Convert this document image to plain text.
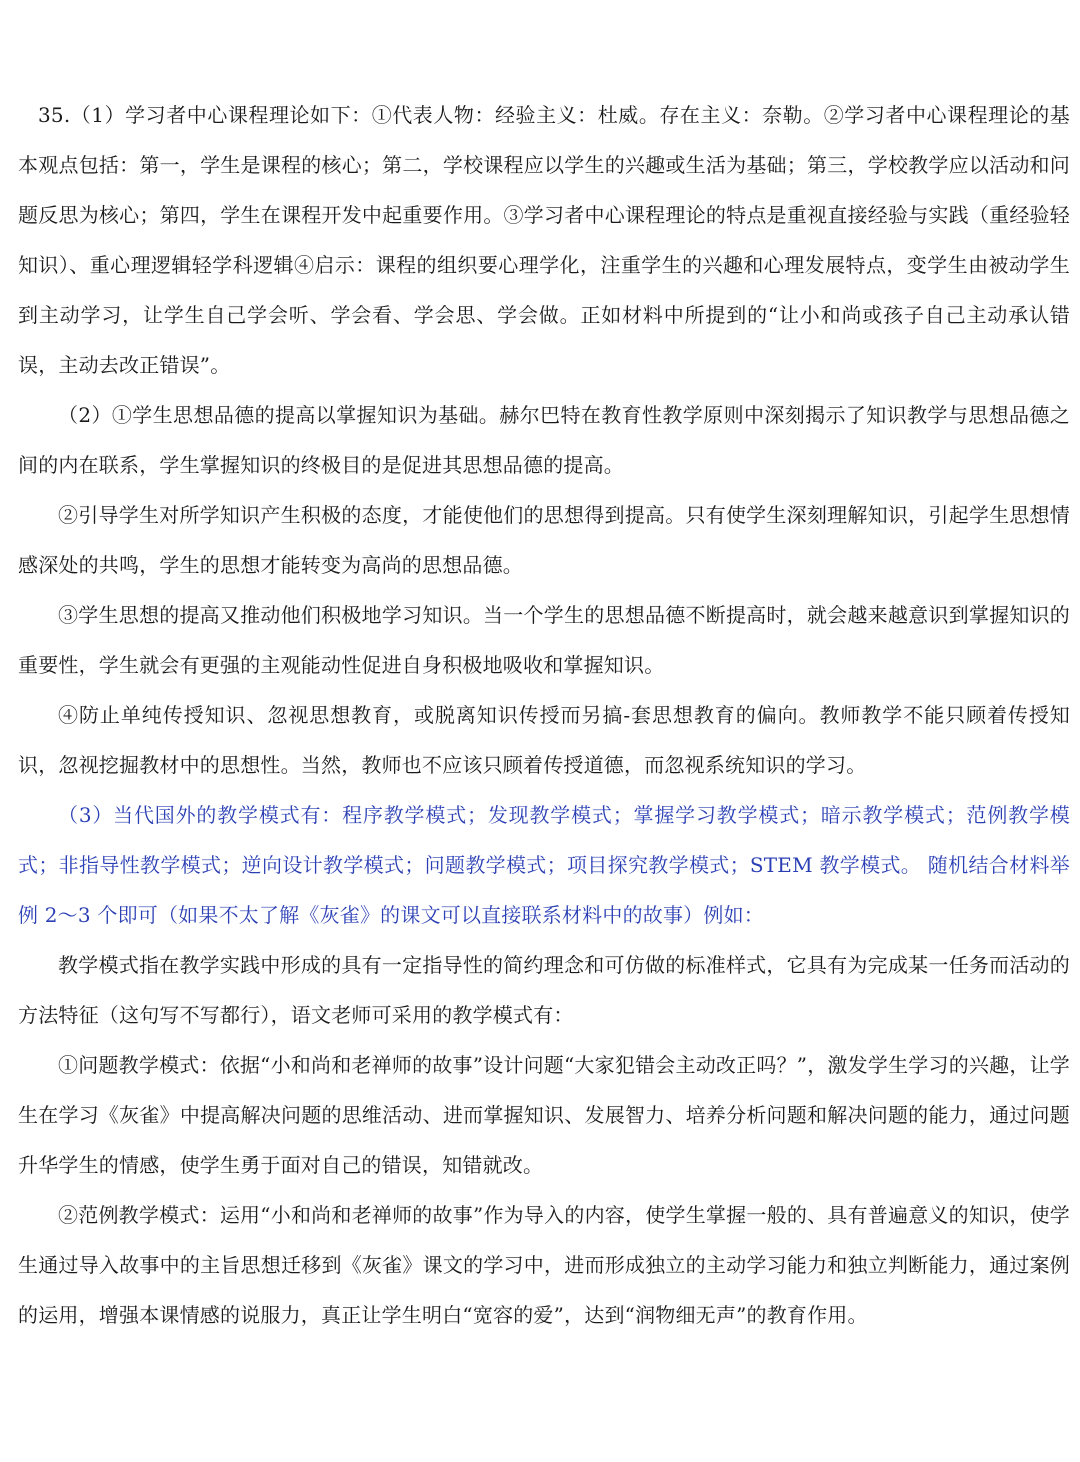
35.（1）学习者中心课程理论如下：①代表人物：经验主义：杜威。存在主义：奈勒。②学习者中心课程理论的基本观点包括：第一，学生是课程的核心；第二，学校课程应以学生的兴趣或生活为基础；第三，学校教学应以活动和问题反思为核心；第四，学生在课程开发中起重要作用。③学习者中心课程理论的特点是重视直接经验与实践（重经验轻知识）、重心理逻辑轻学科逻辑④启示：课程的组织要心理学化，注重学生的兴趣和心理发展特点，变学生由被动学生到主动学习，让学生自己学会听、学会看、学会思、学会做。正如材料中所提到的“让小和尚或孩子自己主动承认错误，主动去改正错误”。

（2）①学生思想品德的提高以掌握知识为基础。赫尔巴特在教育性教学原则中深刻揭示了知识教学与思想品德之间的内在联系，学生掌握知识的终极目的是促进其思想品德的提高。

②引导学生对所学知识产生积极的态度，才能使他们的思想得到提高。只有使学生深刻理解知识，引起学生思想情感深处的共鸣，学生的思想才能转变为高尚的思想品德。

③学生思想的提高又推动他们积极地学习知识。当一个学生的思想品德不断提高时，就会越来越意识到掌握知识的重要性，学生就会有更强的主观能动性促进自身积极地吸收和掌握知识。

④防止单纯传授知识、忽视思想教育，或脱离知识传授而另搞-套思想教育的偏向。教师教学不能只顾着传授知识，忽视挖掘教材中的思想性。当然，教师也不应该只顾着传授道德，而忽视系统知识的学习。

（3）当代国外的教学模式有：程序教学模式；发现教学模式；掌握学习教学模式；暗示教学模式；范例教学模式；非指导性教学模式；逆向设计教学模式；问题教学模式；项目探究教学模式；STEM 教学模式。 随机结合材料举例 2～3 个即可（如果不太了解《灰雀》的课文可以直接联系材料中的故事）例如：

教学模式指在教学实践中形成的具有一定指导性的简约理念和可仿做的标准样式，它具有为完成某一任务而活动的方法特征（这句写不写都行），语文老师可采用的教学模式有：

①问题教学模式：依据“小和尚和老禅师的故事”设计问题“大家犯错会主动改正吗？”，激发学生学习的兴趣，让学生在学习《灰雀》中提高解决问题的思维活动、进而掌握知识、发展智力、培养分析问题和解决问题的能力，通过问题升华学生的情感，使学生勇于面对自己的错误，知错就改。

②范例教学模式：运用“小和尚和老禅师的故事”作为导入的内容，使学生掌握一般的、具有普遍意义的知识，使学生通过导入故事中的主旨思想迁移到《灰雀》课文的学习中，进而形成独立的主动学习能力和独立判断能力，通过案例的运用，增强本课情感的说服力，真正让学生明白“宽容的爱”，达到“润物细无声”的教育作用。
